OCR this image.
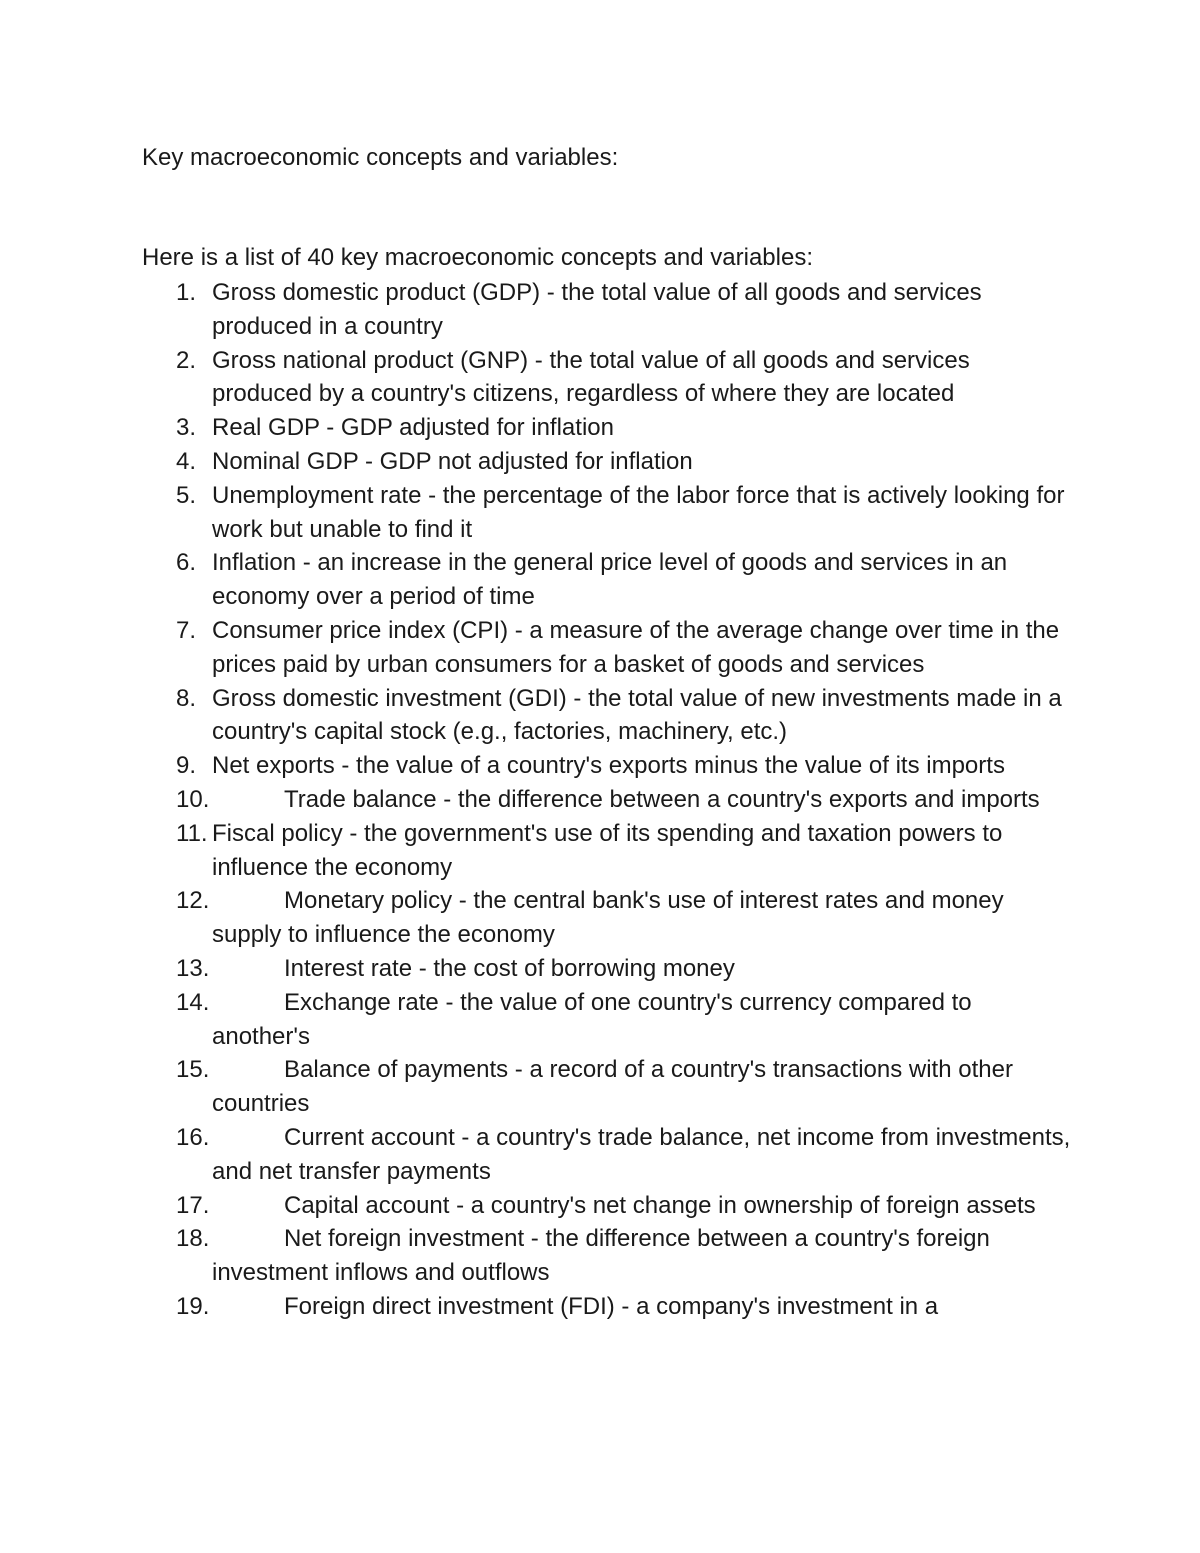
Key macroeconomic concepts and variables:
Here is a list of 40 key macroeconomic concepts and variables:
1. Gross domestic product (GDP) - the total value of all goods and services produced in a country
2. Gross national product (GNP) - the total value of all goods and services produced by a country's citizens, regardless of where they are located
3. Real GDP - GDP adjusted for inflation
4. Nominal GDP - GDP not adjusted for inflation
5. Unemployment rate - the percentage of the labor force that is actively looking for work but unable to find it
6. Inflation - an increase in the general price level of goods and services in an economy over a period of time
7. Consumer price index (CPI) - a measure of the average change over time in the prices paid by urban consumers for a basket of goods and services
8. Gross domestic investment (GDI) - the total value of new investments made in a country's capital stock (e.g., factories, machinery, etc.)
9. Net exports - the value of a country's exports minus the value of its imports
10.	Trade balance - the difference between a country's exports and imports
11. Fiscal policy - the government's use of its spending and taxation powers to influence the economy
12.	Monetary policy - the central bank's use of interest rates and money supply to influence the economy
13.	Interest rate - the cost of borrowing money
14.	Exchange rate - the value of one country's currency compared to another's
15.	Balance of payments - a record of a country's transactions with other countries
16.	Current account - a country's trade balance, net income from investments, and net transfer payments
17.	Capital account - a country's net change in ownership of foreign assets
18.	Net foreign investment - the difference between a country's foreign investment inflows and outflows
19.	Foreign direct investment (FDI) - a company's investment in a
